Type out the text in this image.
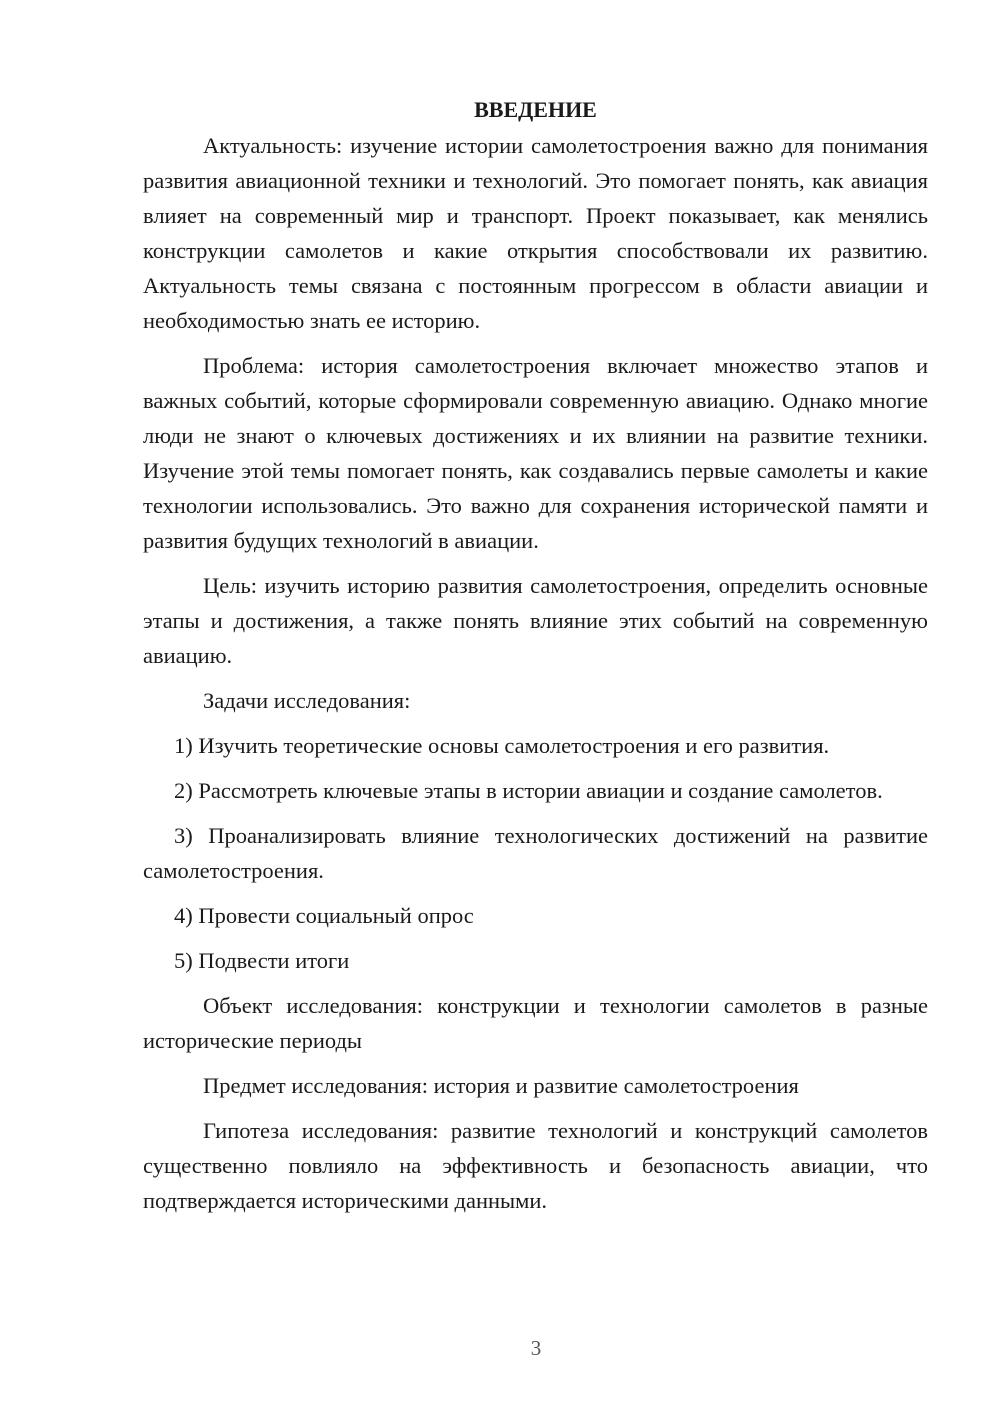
ВВЕДЕНИЕ

Актуальность: изучение истории самолетостроения важно для понимания развития авиационной техники и технологий. Это помогает понять, как авиация влияет на современный мир и транспорт. Проект показывает, как менялись конструкции самолетов и какие открытия способствовали их развитию. Актуальность темы связана с постоянным прогрессом в области авиации и необходимостью знать ее историю.

Проблема: история самолетостроения включает множество этапов и важных событий, которые сформировали современную авиацию. Однако многие люди не знают о ключевых достижениях и их влиянии на развитие техники. Изучение этой темы помогает понять, как создавались первые самолеты и какие технологии использовались. Это важно для сохранения исторической памяти и развития будущих технологий в авиации.

Цель: изучить историю развития самолетостроения, определить основные этапы и достижения, а также понять влияние этих событий на современную авиацию.

Задачи исследования:

1) Изучить теоретические основы самолетостроения и его развития.

2) Рассмотреть ключевые этапы в истории авиации и создание самолетов.

3) Проанализировать влияние технологических достижений на развитие самолетостроения.

4) Провести социальный опрос

5) Подвести итоги

Объект исследования: конструкции и технологии самолетов в разные исторические периоды

Предмет исследования: история и развитие самолетостроения

Гипотеза исследования: развитие технологий и конструкций самолетов существенно повлияло на эффективность и безопасность авиации, что подтверждается историческими данными.

3
